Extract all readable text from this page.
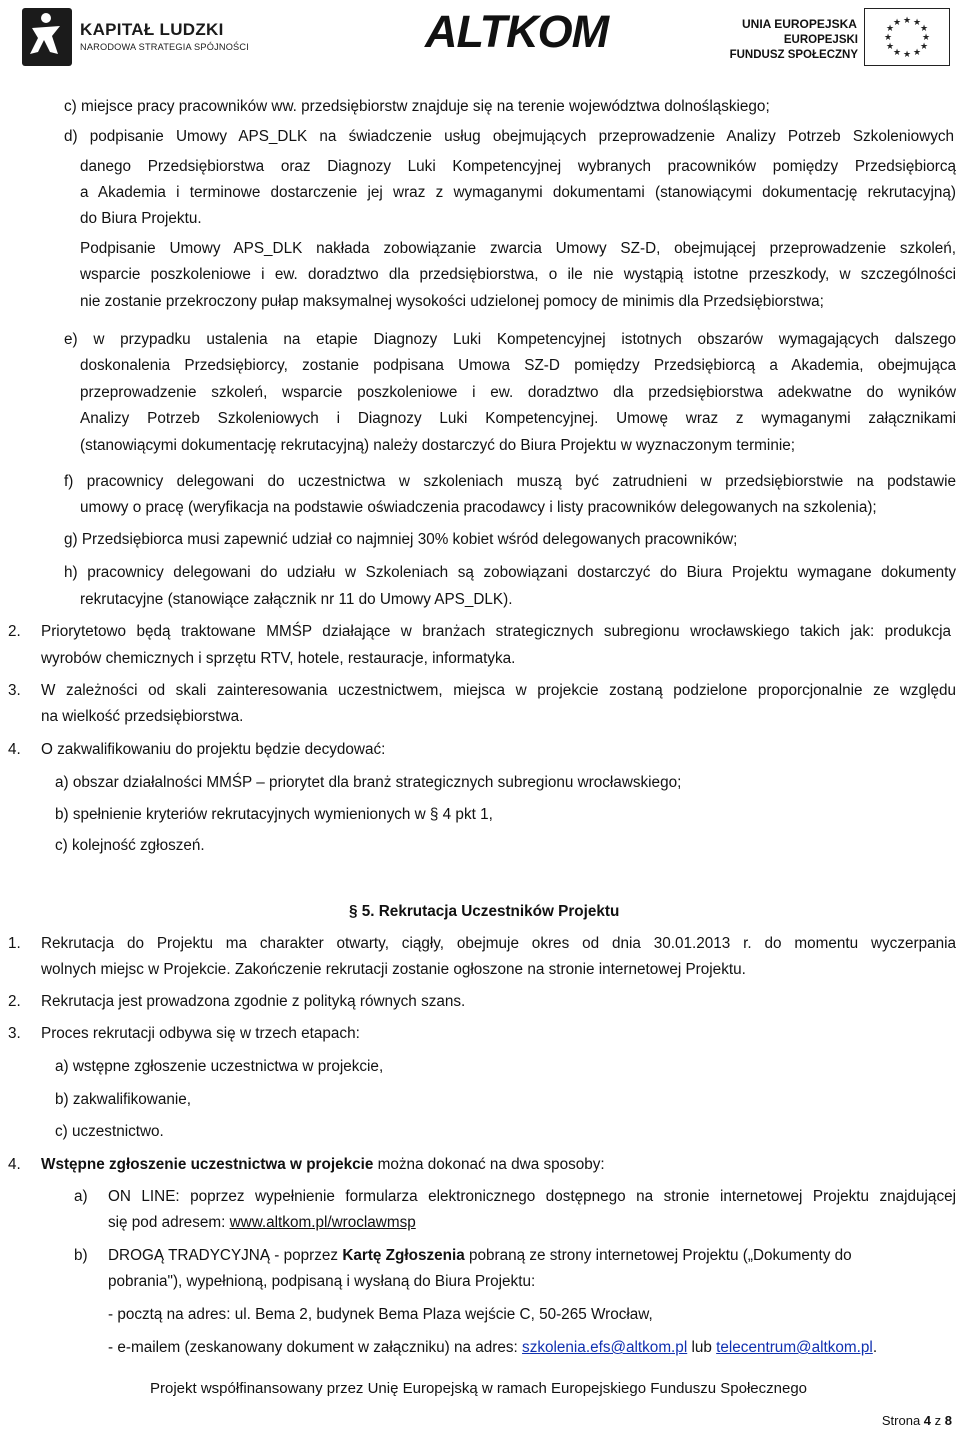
KAPITAŁ LUDZKI
NARODOWA STRATEGIA SPÓJNOŚCI	ALTKOM	UNIA EUROPEJSKA
EUROPEJSKI
FUNDUSZ SPOŁECZNY
★ ★
★
★
★
★
★
★
★
★
★
★
c) miejsce pracy pracowników ww. przedsiębiorstw znajduje się na terenie województwa dolnośląskiego;
d) podpisanie Umowy APS_DLK na świadczenie usług obejmujących przeprowadzenie Analizy Potrzeb Szkoleniowych
danego Przedsiębiorstwa oraz Diagnozy Luki Kompetencyjnej wybranych pracowników pomiędzy Przedsiębiorcą
a Akademia i terminowe dostarczenie jej wraz z wymaganymi dokumentami (stanowiącymi dokumentację rekrutacyjną)
do Biura Projektu.
Podpisanie Umowy APS_DLK nakłada zobowiązanie zwarcia Umowy SZ-D, obejmującej przeprowadzenie szkoleń,
wsparcie poszkoleniowe i ew. doradztwo dla przedsiębiorstwa, o ile nie wystąpią istotne przeszkody, w szczególności
nie zostanie przekroczony pułap maksymalnej wysokości udzielonej pomocy de minimis dla Przedsiębiorstwa;
e) w przypadku ustalenia na etapie Diagnozy Luki Kompetencyjnej istotnych obszarów wymagających dalszego
doskonalenia Przedsiębiorcy, zostanie podpisana Umowa SZ-D pomiędzy Przedsiębiorcą a Akademia, obejmująca
przeprowadzenie szkoleń, wsparcie poszkoleniowe i ew. doradztwo dla przedsiębiorstwa adekwatne do wyników
Analizy Potrzeb Szkoleniowych i Diagnozy Luki Kompetencyjnej. Umowę wraz z wymaganymi załącznikami
(stanowiącymi dokumentację rekrutacyjną) należy dostarczyć do Biura Projektu w wyznaczonym terminie;
f) pracownicy delegowani do uczestnictwa w szkoleniach muszą być zatrudnieni w przedsiębiorstwie na podstawie
umowy o pracę (weryfikacja na podstawie oświadczenia pracodawcy i listy pracowników delegowanych na szkolenia);
g) Przedsiębiorca musi zapewnić udział co najmniej 30% kobiet wśród delegowanych pracowników;
h) pracownicy delegowani do udziału w Szkoleniach są zobowiązani dostarczyć do Biura Projektu wymagane dokumenty
rekrutacyjne (stanowiące załącznik nr 11 do Umowy APS_DLK).
2. Priorytetowo będą traktowane MMŚP działające w branżach strategicznych subregionu wrocławskiego takich jak: produkcja
wyrobów chemicznych i sprzętu RTV, hotele, restauracje, informatyka.
3. W zależności od skali zainteresowania uczestnictwem, miejsca w projekcie zostaną podzielone proporcjonalnie ze względu
na wielkość przedsiębiorstwa.
4. O zakwalifikowaniu do projektu będzie decydować:
a) obszar działalności MMŚP – priorytet dla branż strategicznych subregionu wrocławskiego;
b) spełnienie kryteriów rekrutacyjnych wymienionych w § 4 pkt 1,
c) kolejność zgłoszeń.
§ 5. Rekrutacja Uczestników Projektu
1. Rekrutacja do Projektu ma charakter otwarty, ciągły, obejmuje okres od dnia 30.01.2013 r. do momentu wyczerpania
wolnych miejsc w Projekcie. Zakończenie rekrutacji zostanie ogłoszone na stronie internetowej Projektu.
2. Rekrutacja jest prowadzona zgodnie z polityką równych szans.
3. Proces rekrutacji odbywa się w trzech etapach:
a) wstępne zgłoszenie uczestnictwa w projekcie,
b) zakwalifikowanie,
c) uczestnictwo.
4. Wstępne zgłoszenie uczestnictwa w projekcie można dokonać na dwa sposoby:
a) ON LINE: poprzez wypełnienie formularza elektronicznego dostępnego na stronie internetowej Projektu znajdującej
się pod adresem: www.altkom.pl/wroclawmsp
b) DROGĄ TRADYCYJNĄ - poprzez Kartę Zgłoszenia pobraną ze strony internetowej Projektu („Dokumenty do
pobrania"), wypełnioną, podpisaną i wysłaną do Biura Projektu:
- pocztą na adres: ul. Bema 2, budynek Bema Plaza wejście C, 50-265 Wrocław,
- e-mailem (zeskanowany dokument w załączniku) na adres: szkolenia.efs@altkom.pl lub telecentrum@altkom.pl.
Projekt współfinansowany przez Unię Europejską w ramach Europejskiego Funduszu Społecznego
Strona 4 z 8
